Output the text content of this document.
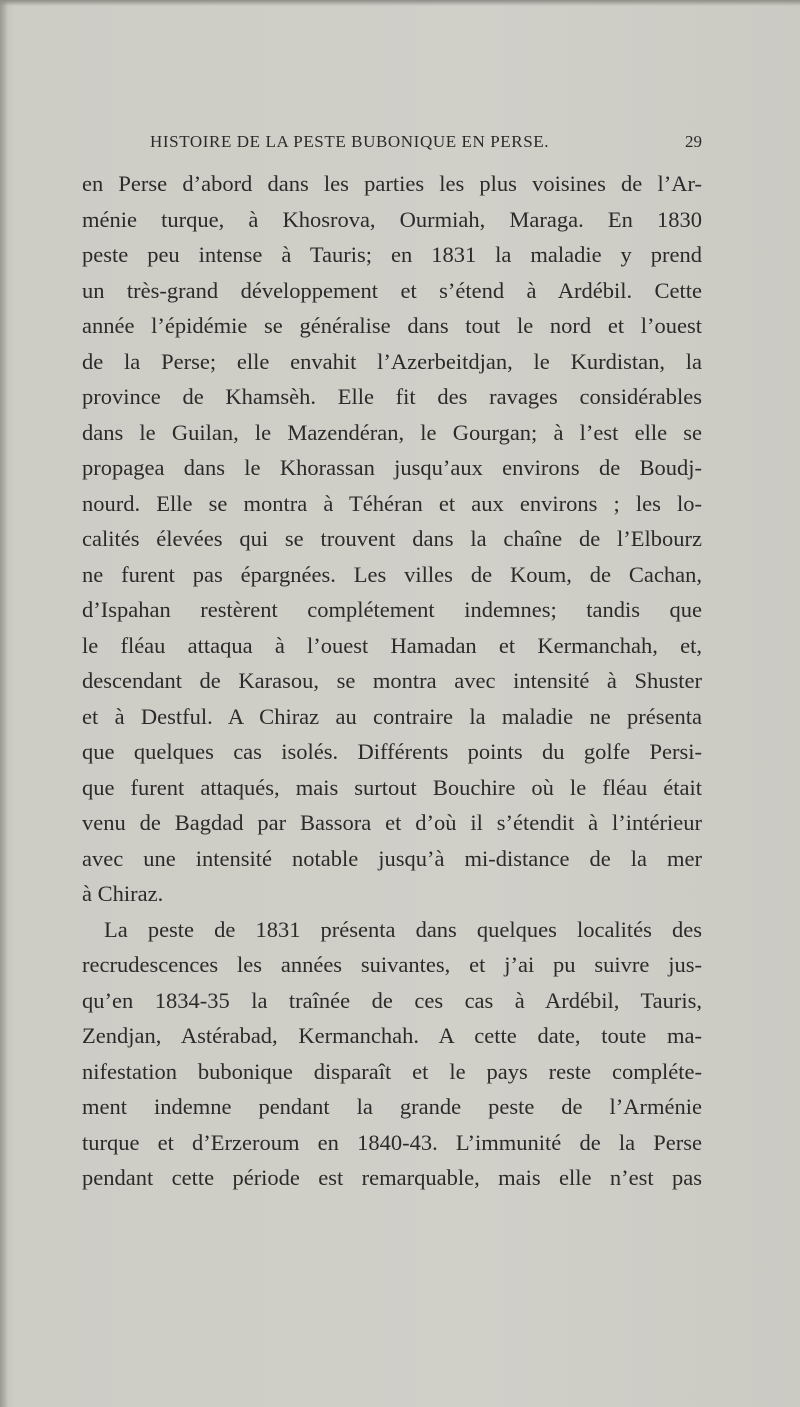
HISTOIRE DE LA PESTE BUBONIQUE EN PERSE.	29
en Perse d’abord dans les parties les plus voisines de l’Ar-
ménie turque, à Khosrova, Ourmiah, Maraga. En 1830
peste peu intense à Tauris; en 1831 la maladie y prend
un très-grand développement et s’étend à Ardébil. Cette
année l’épidémie se généralise dans tout le nord et l’ouest
de la Perse; elle envahit l’Azerbeitdjan, le Kurdistan, la
province de Khamsèh. Elle fit des ravages considérables
dans le Guilan, le Mazendéran, le Gourgan; à l’est elle se
propagea dans le Khorassan jusqu’aux environs de Boudj-
nourd. Elle se montra à Téhéran et aux environs ; les lo-
calités élevées qui se trouvent dans la chaîne de l’Elbourz
ne furent pas épargnées. Les villes de Koum, de Cachan,
d’Ispahan restèrent complétement indemnes; tandis que
le fléau attaqua à l’ouest Hamadan et Kermanchah, et,
descendant de Karasou, se montra avec intensité à Shuster
et à Destful. A Chiraz au contraire la maladie ne présenta
que quelques cas isolés. Différents points du golfe Persi-
que furent attaqués, mais surtout Bouchire où le fléau était
venu de Bagdad par Bassora et d’où il s’étendit à l’intérieur
avec une intensité notable jusqu’à mi-distance de la mer
à Chiraz.
La peste de 1831 présenta dans quelques localités des
recrudescences les années suivantes, et j’ai pu suivre jus-
qu’en 1834-35 la traînée de ces cas à Ardébil, Tauris,
Zendjan, Astérabad, Kermanchah. A cette date, toute ma-
nifestation bubonique disparaît et le pays reste complétе-
ment indemne pendant la grande peste de l’Arménie
turque et d’Erzeroum en 1840-43. L’immunité de la Perse
pendant cette période est remarquable, mais elle n’est pas
